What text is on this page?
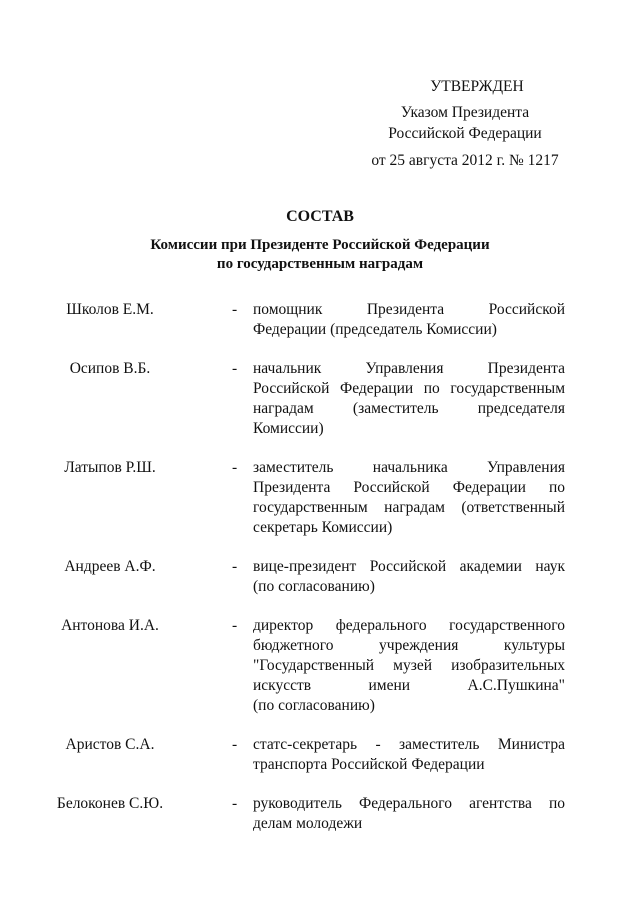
УТВЕРЖДЕН
Указом Президента
Российской Федерации
от 25 августа 2012 г. № 1217
СОСТАВ
Комиссии при Президенте Российской Федерации
по государственным наградам
Школов Е.М.	- помощник Президента Российской
Федерации (председатель Комиссии)
Осипов В.Б.	- начальник Управления Президента
Российской Федерации по государственным
наградам (заместитель председателя
Комиссии)
Латыпов Р.Ш.	- заместитель начальника Управления
Президента Российской Федерации по
государственным наградам (ответственный
секретарь Комиссии)
Андреев А.Ф.	- вице-президент Российской академии наук
(по согласованию)
Антонова И.А.	- директор федерального государственного
бюджетного учреждения культуры
"Государственный музей изобразительных
искусств имени А.С.Пушкина"
(по согласованию)
Аристов С.А.	- статс-секретарь - заместитель Министра
транспорта Российской Федерации
Белоконев С.Ю.	- руководитель Федерального агентства по
делам молодежи
